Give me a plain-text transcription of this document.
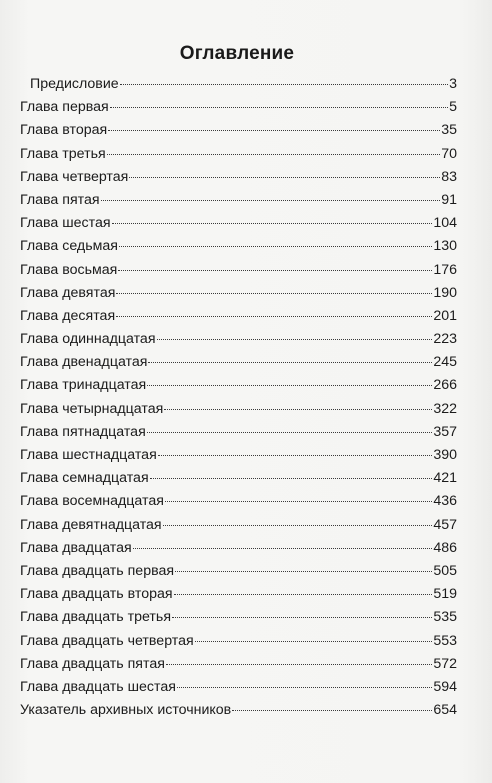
Оглавление
Предисловие	3
Глава первая	5
Глава вторая	35
Глава третья	70
Глава четвертая	83
Глава пятая	91
Глава шестая	104
Глава седьмая	130
Глава восьмая	176
Глава девятая	190
Глава десятая	201
Глава одиннадцатая	223
Глава двенадцатая	245
Глава тринадцатая	266
Глава четырнадцатая	322
Глава пятнадцатая	357
Глава шестнадцатая	390
Глава семнадцатая	421
Глава восемнадцатая	436
Глава девятнадцатая	457
Глава двадцатая	486
Глава двадцать первая	505
Глава двадцать вторая	519
Глава двадцать третья	535
Глава двадцать четвертая	553
Глава двадцать пятая	572
Глава двадцать шестая	594
Указатель архивных источников	654
